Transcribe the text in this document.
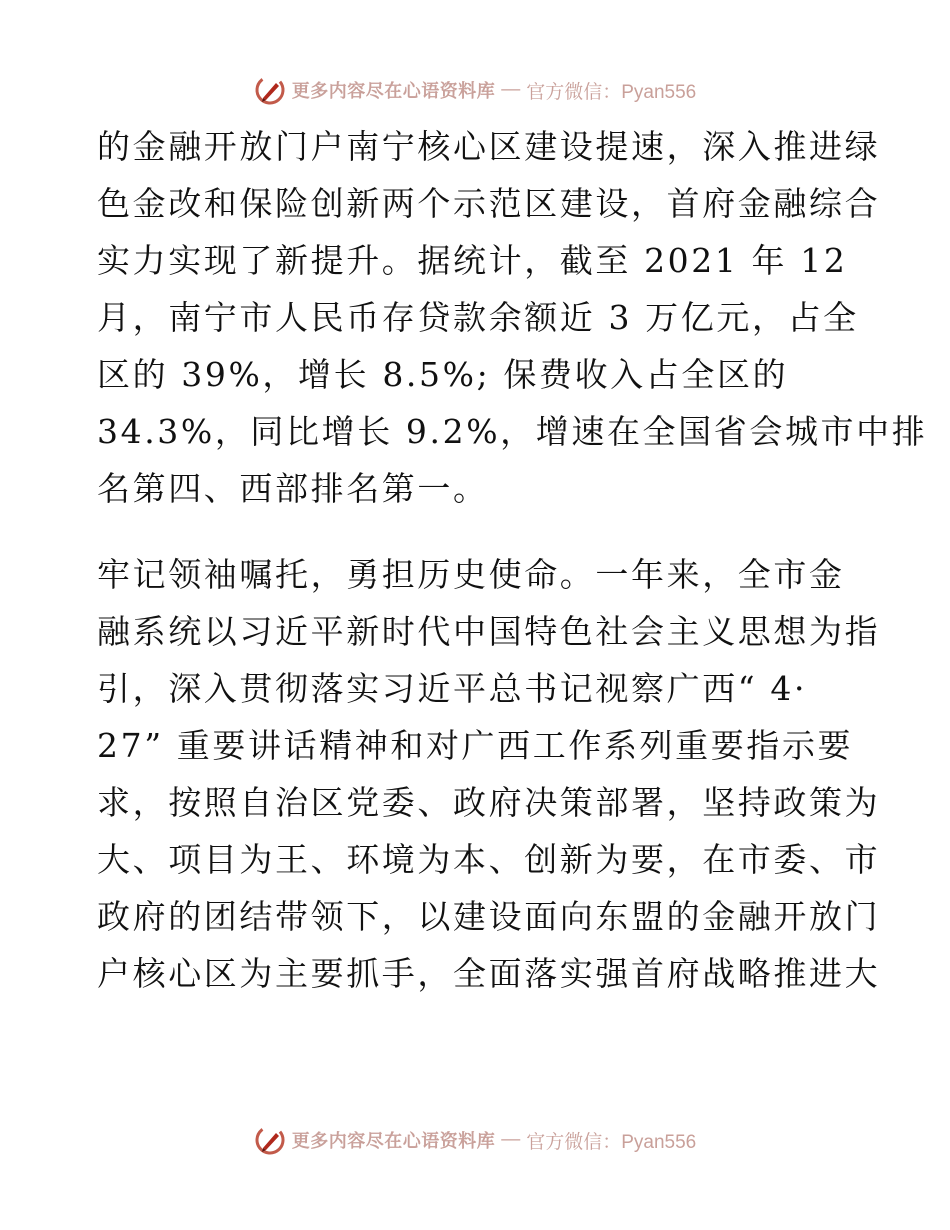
更多内容尽在心语资料库 — 官方微信：Pyan556
的金融开放门户南宁核心区建设提速，深入推进绿
色金改和保险创新两个示范区建设，首府金融综合
实力实现了新提升。据统计，截至 2021 年 12
月，南宁市人民币存贷款余额近 3 万亿元，占全
区的 39%，增长 8.5%; 保费收入占全区的
34.3%，同比增长 9.2%，增速在全国省会城市中排
名第四、西部排名第一。
牢记领袖嘱托，勇担历史使命。一年来，全市金
融系统以习近平新时代中国特色社会主义思想为指
引，深入贯彻落实习近平总书记视察广西“ 4·
27” 重要讲话精神和对广西工作系列重要指示要
求，按照自治区党委、政府决策部署，坚持政策为
大、项目为王、环境为本、创新为要，在市委、市
政府的团结带领下，以建设面向东盟的金融开放门
户核心区为主要抓手，全面落实强首府战略推进大
更多内容尽在心语资料库 — 官方微信：Pyan556
